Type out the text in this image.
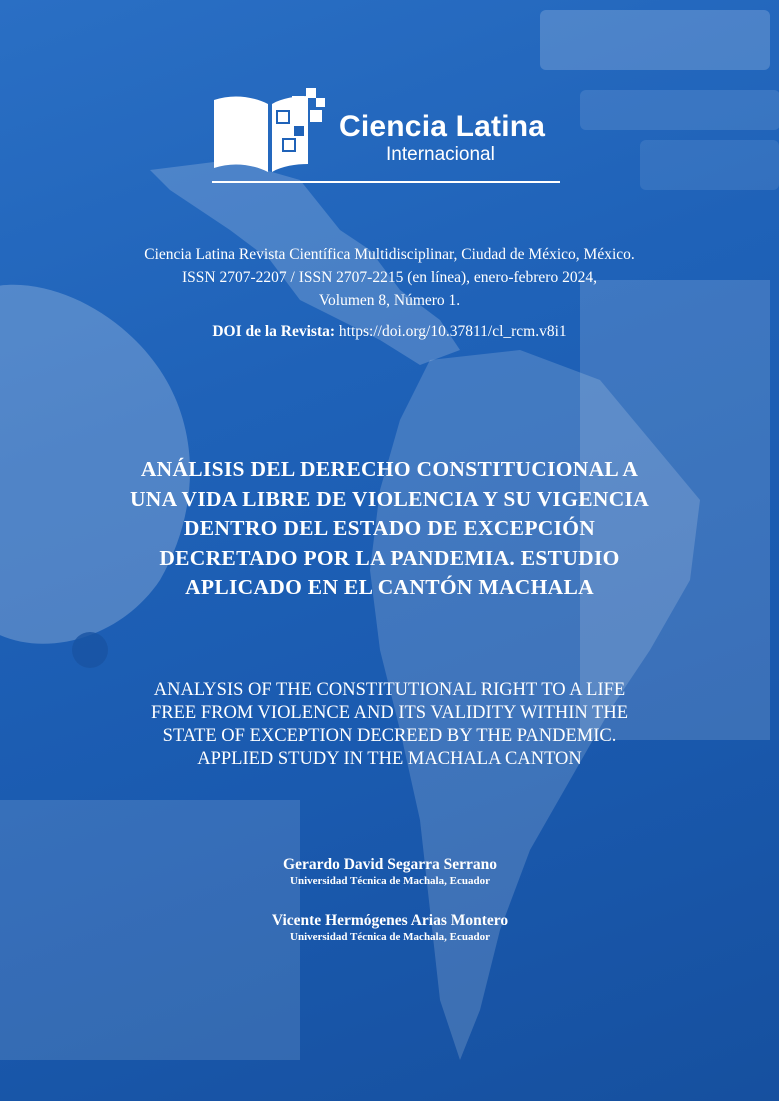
Ciencia Latina
Internacional
Ciencia Latina Revista Científica Multidisciplinar, Ciudad de México, México.
ISSN 2707-2207 / ISSN 2707-2215 (en línea), enero-febrero 2024,
Volumen 8, Número 1.
DOI de la Revista: https://doi.org/10.37811/cl_rcm.v8i1
ANÁLISIS DEL DERECHO CONSTITUCIONAL A
UNA VIDA LIBRE DE VIOLENCIA Y SU VIGENCIA
DENTRO DEL ESTADO DE EXCEPCIÓN
DECRETADO POR LA PANDEMIA. ESTUDIO
APLICADO EN EL CANTÓN MACHALA
ANALYSIS OF THE CONSTITUTIONAL RIGHT TO A LIFE
FREE FROM VIOLENCE AND ITS VALIDITY WITHIN THE
STATE OF EXCEPTION DECREED BY THE PANDEMIC.
APPLIED STUDY IN THE MACHALA CANTON
Gerardo David Segarra Serrano
Universidad Técnica de Machala, Ecuador
Vicente Hermógenes Arias Montero
Universidad Técnica de Machala, Ecuador
